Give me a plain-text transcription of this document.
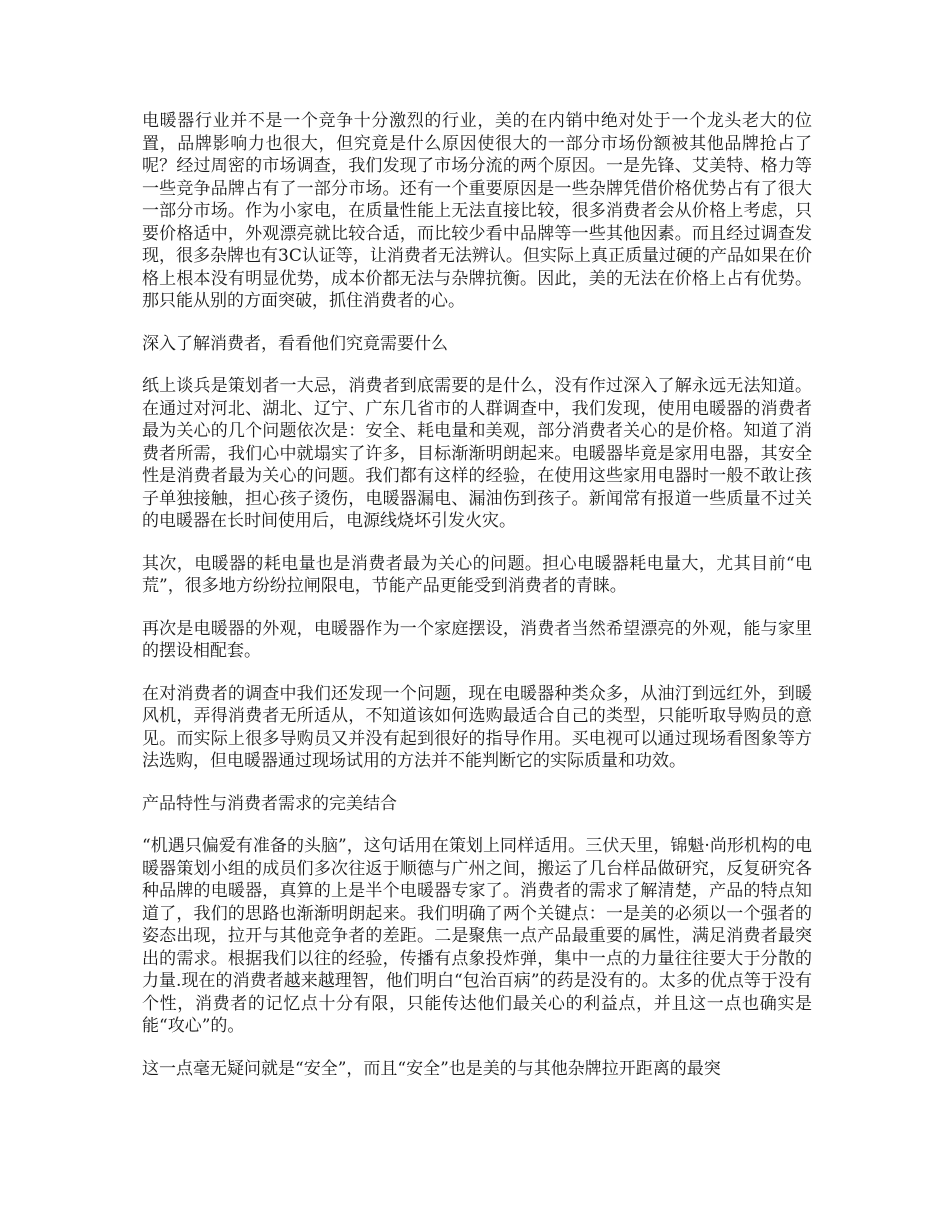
电暖器行业并不是一个竞争十分激烈的行业，美的在内销中绝对处于一个龙头老大的位置，品牌影响力也很大，但究竟是什么原因使很大的一部分市场份额被其他品牌抢占了呢？经过周密的市场调查，我们发现了市场分流的两个原因。一是先锋、艾美特、格力等一些竞争品牌占有了一部分市场。还有一个重要原因是一些杂牌凭借价格优势占有了很大一部分市场。作为小家电，在质量性能上无法直接比较，很多消费者会从价格上考虑，只要价格适中，外观漂亮就比较合适，而比较少看中品牌等一些其他因素。而且经过调查发现，很多杂牌也有3C认证等，让消费者无法辨认。但实际上真正质量过硬的产品如果在价格上根本没有明显优势，成本价都无法与杂牌抗衡。因此，美的无法在价格上占有优势。那只能从别的方面突破，抓住消费者的心。

深入了解消费者，看看他们究竟需要什么

纸上谈兵是策划者一大忌，消费者到底需要的是什么，没有作过深入了解永远无法知道。在通过对河北、湖北、辽宁、广东几省市的人群调查中，我们发现，使用电暖器的消费者最为关心的几个问题依次是：安全、耗电量和美观，部分消费者关心的是价格。知道了消费者所需，我们心中就塌实了许多，目标渐渐明朗起来。电暖器毕竟是家用电器，其安全性是消费者最为关心的问题。我们都有这样的经验，在使用这些家用电器时一般不敢让孩子单独接触，担心孩子烫伤，电暖器漏电、漏油伤到孩子。新闻常有报道一些质量不过关的电暖器在长时间使用后，电源线烧坏引发火灾。

其次，电暖器的耗电量也是消费者最为关心的问题。担心电暖器耗电量大，尤其目前“电荒”，很多地方纷纷拉闸限电，节能产品更能受到消费者的青睐。

再次是电暖器的外观，电暖器作为一个家庭摆设，消费者当然希望漂亮的外观，能与家里的摆设相配套。

在对消费者的调查中我们还发现一个问题，现在电暖器种类众多，从油汀到远红外，到暖风机，弄得消费者无所适从，不知道该如何选购最适合自己的类型，只能听取导购员的意见。而实际上很多导购员又并没有起到很好的指导作用。买电视可以通过现场看图象等方法选购，但电暖器通过现场试用的方法并不能判断它的实际质量和功效。

产品特性与消费者需求的完美结合

“机遇只偏爱有准备的头脑”，这句话用在策划上同样适用。三伏天里，锦魁·尚形机构的电暖器策划小组的成员们多次往返于顺德与广州之间，搬运了几台样品做研究，反复研究各种品牌的电暖器，真算的上是半个电暖器专家了。消费者的需求了解清楚，产品的特点知道了，我们的思路也渐渐明朗起来。我们明确了两个关键点：一是美的必须以一个强者的姿态出现，拉开与其他竞争者的差距。二是聚焦一点产品最重要的属性，满足消费者最突出的需求。根据我们以往的经验，传播有点象投炸弹，集中一点的力量往往要大于分散的力量.现在的消费者越来越理智，他们明白“包治百病”的药是没有的。太多的优点等于没有个性，消费者的记忆点十分有限，只能传达他们最关心的利益点，并且这一点也确实是能“攻心”的。

这一点毫无疑问就是“安全”，而且“安全”也是美的与其他杂牌拉开距离的最突
